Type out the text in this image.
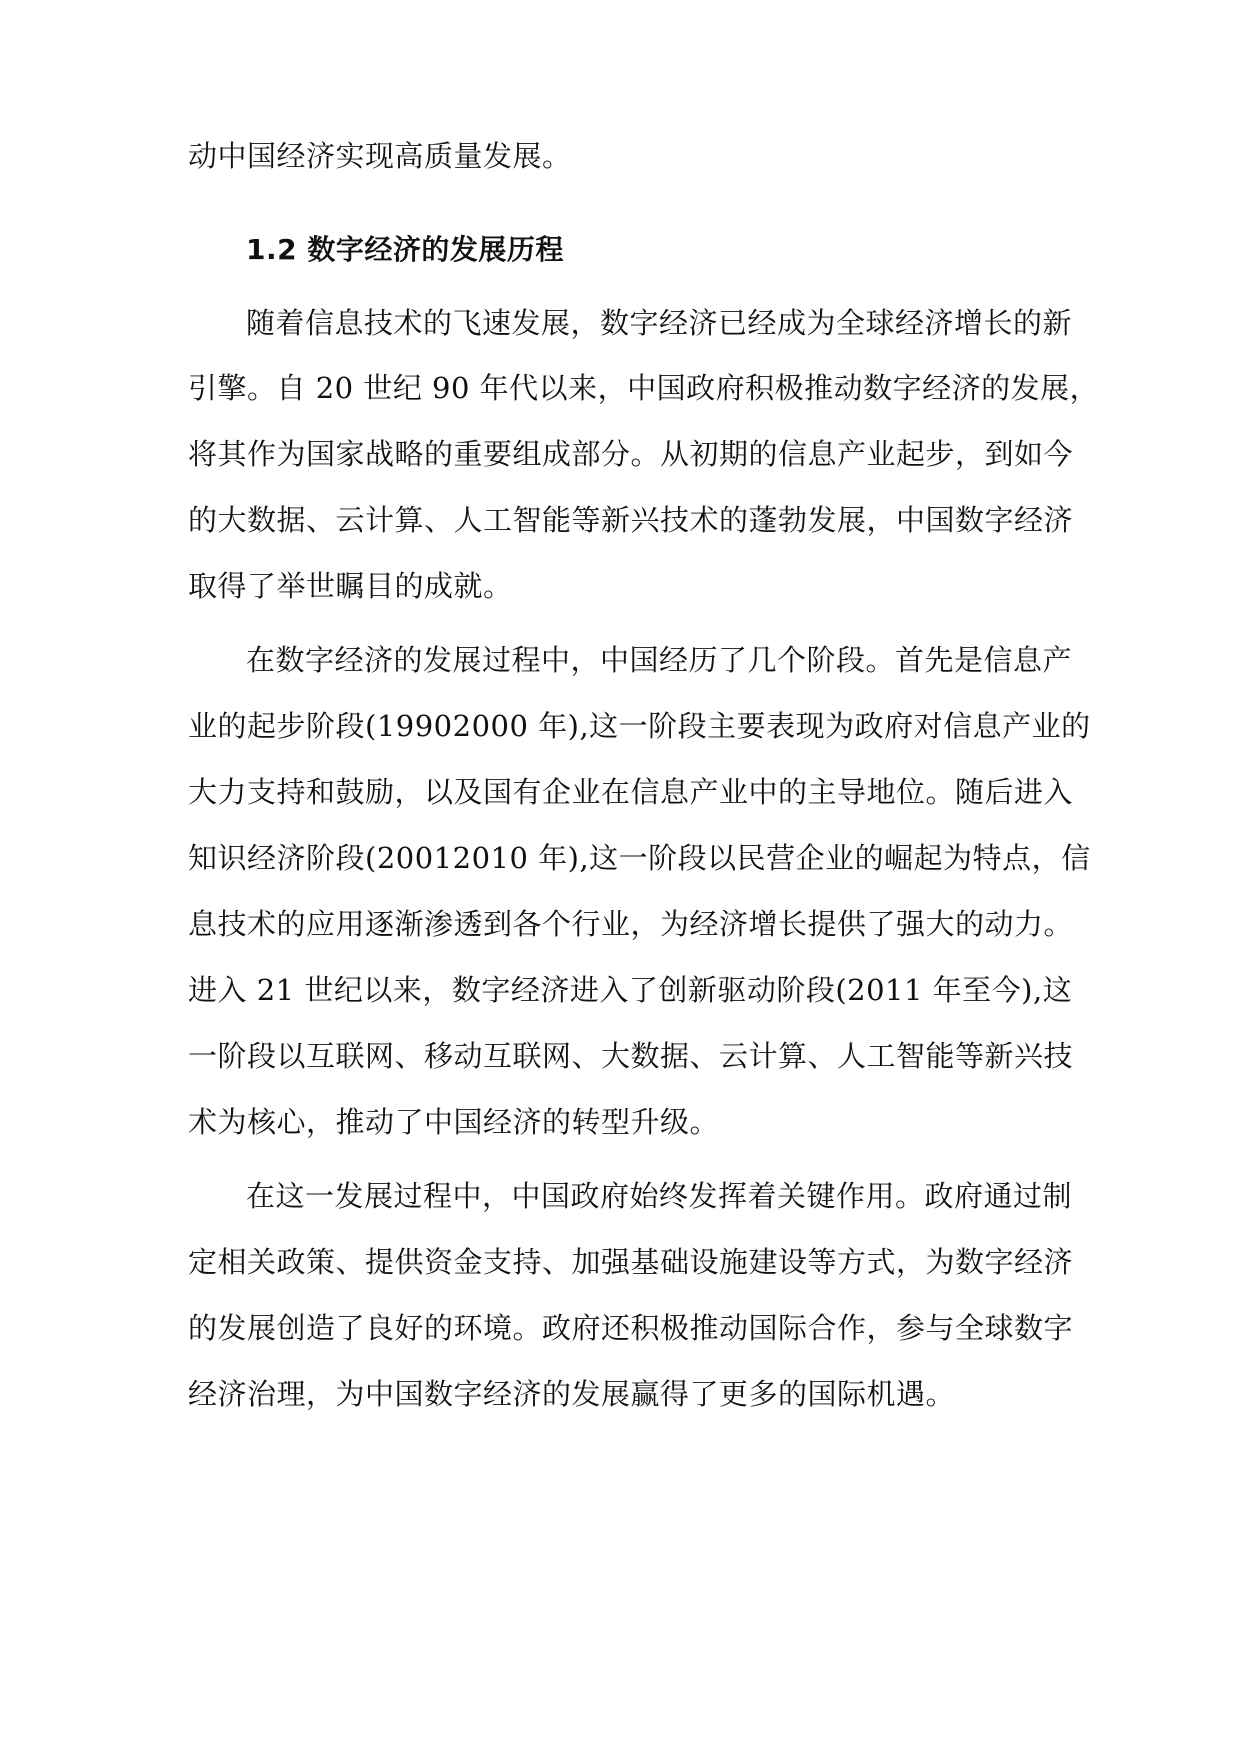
动中国经济实现高质量发展。
1.2 数字经济的发展历程
随着信息技术的飞速发展，数字经济已经成为全球经济增长的新
引擎。自 20 世纪 90 年代以来，中国政府积极推动数字经济的发展，
将其作为国家战略的重要组成部分。从初期的信息产业起步，到如今
的大数据、云计算、人工智能等新兴技术的蓬勃发展，中国数字经济
取得了举世瞩目的成就。
在数字经济的发展过程中，中国经历了几个阶段。首先是信息产
业的起步阶段(19902000 年),这一阶段主要表现为政府对信息产业的
大力支持和鼓励，以及国有企业在信息产业中的主导地位。随后进入
知识经济阶段(20012010 年),这一阶段以民营企业的崛起为特点，信
息技术的应用逐渐渗透到各个行业，为经济增长提供了强大的动力。
进入 21 世纪以来，数字经济进入了创新驱动阶段(2011 年至今),这
一阶段以互联网、移动互联网、大数据、云计算、人工智能等新兴技
术为核心，推动了中国经济的转型升级。
在这一发展过程中，中国政府始终发挥着关键作用。政府通过制
定相关政策、提供资金支持、加强基础设施建设等方式，为数字经济
的发展创造了良好的环境。政府还积极推动国际合作，参与全球数字
经济治理，为中国数字经济的发展赢得了更多的国际机遇。
